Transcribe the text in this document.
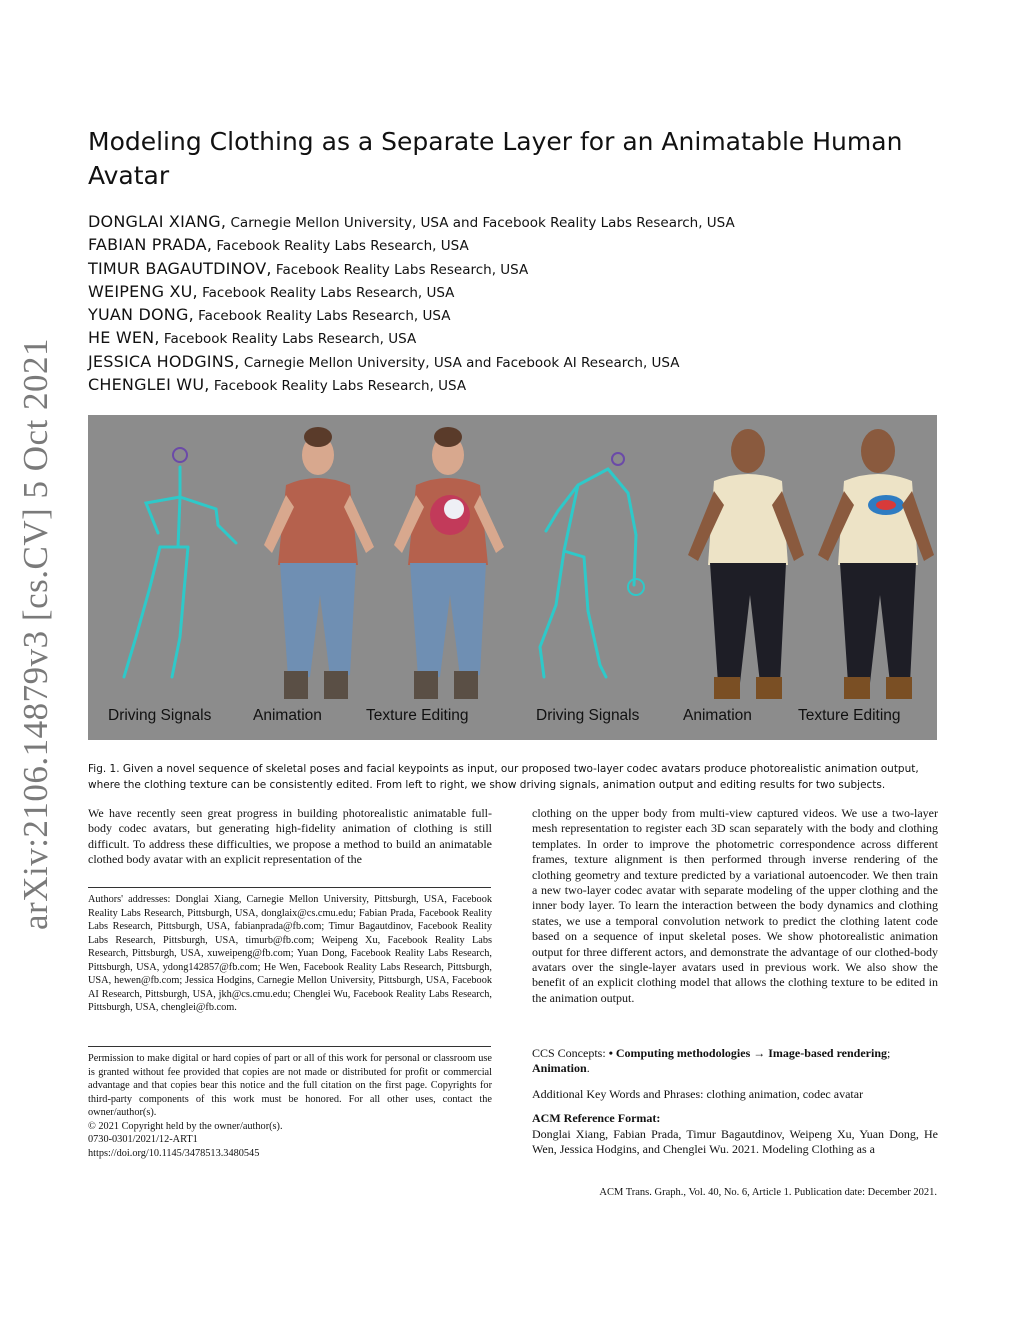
arXiv:2106.14879v3 [cs.CV] 5 Oct 2021
Modeling Clothing as a Separate Layer for an Animatable Human Avatar
DONGLAI XIANG, Carnegie Mellon University, USA and Facebook Reality Labs Research, USA
FABIAN PRADA, Facebook Reality Labs Research, USA
TIMUR BAGAUTDINOV, Facebook Reality Labs Research, USA
WEIPENG XU, Facebook Reality Labs Research, USA
YUAN DONG, Facebook Reality Labs Research, USA
HE WEN, Facebook Reality Labs Research, USA
JESSICA HODGINS, Carnegie Mellon University, USA and Facebook AI Research, USA
CHENGLEI WU, Facebook Reality Labs Research, USA
Driving Signals	Animation	Texture Editing	Driving Signals	Animation	Texture Editing

Fig. 1. Given a novel sequence of skeletal poses and facial keypoints as input, our proposed two-layer codec avatars produce photorealistic animation output, where the clothing texture can be consistently edited. From left to right, we show driving signals, animation output and editing results for two subjects.

We have recently seen great progress in building photorealistic animatable full-body codec avatars, but generating high-fidelity animation of clothing is still difficult. To address these difficulties, we propose a method to build an animatable clothed body avatar with an explicit representation of the

Authors' addresses: Donglai Xiang, Carnegie Mellon University, Pittsburgh, USA, Facebook Reality Labs Research, Pittsburgh, USA, donglaix@cs.cmu.edu; Fabian Prada, Facebook Reality Labs Research, Pittsburgh, USA, fabianprada@fb.com; Timur Bagautdinov, Facebook Reality Labs Research, Pittsburgh, USA, timurb@fb.com; Weipeng Xu, Facebook Reality Labs Research, Pittsburgh, USA, xuweipeng@fb.com; Yuan Dong, Facebook Reality Labs Research, Pittsburgh, USA, ydong142857@fb.com; He Wen, Facebook Reality Labs Research, Pittsburgh, USA, hewen@fb.com; Jessica Hodgins, Carnegie Mellon University, Pittsburgh, USA, Facebook AI Research, Pittsburgh, USA, jkh@cs.cmu.edu; Chenglei Wu, Facebook Reality Labs Research, Pittsburgh, USA, chenglei@fb.com.

Permission to make digital or hard copies of part or all of this work for personal or classroom use is granted without fee provided that copies are not made or distributed for profit or commercial advantage and that copies bear this notice and the full citation on the first page. Copyrights for third-party components of this work must be honored. For all other uses, contact the owner/author(s).

© 2021 Copyright held by the owner/author(s).

0730-0301/2021/12-ART1

https://doi.org/10.1145/3478513.3480545

clothing on the upper body from multi-view captured videos. We use a two-layer mesh representation to register each 3D scan separately with the body and clothing templates. In order to improve the photometric correspondence across different frames, texture alignment is then performed through inverse rendering of the clothing geometry and texture predicted by a variational autoencoder. We then train a new two-layer codec avatar with separate modeling of the upper clothing and the inner body layer. To learn the interaction between the body dynamics and clothing states, we use a temporal convolution network to predict the clothing latent code based on a sequence of input skeletal poses. We show photorealistic animation output for three different actors, and demonstrate the advantage of our clothed-body avatars over the single-layer avatars used in previous work. We also show the benefit of an explicit clothing model that allows the clothing texture to be edited in the animation output.

CCS Concepts: • Computing methodologies → Image-based rendering; Animation.

Additional Key Words and Phrases: clothing animation, codec avatar

ACM Reference Format:

Donglai Xiang, Fabian Prada, Timur Bagautdinov, Weipeng Xu, Yuan Dong, He Wen, Jessica Hodgins, and Chenglei Wu. 2021. Modeling Clothing as a

ACM Trans. Graph., Vol. 40, No. 6, Article 1. Publication date: December 2021.
